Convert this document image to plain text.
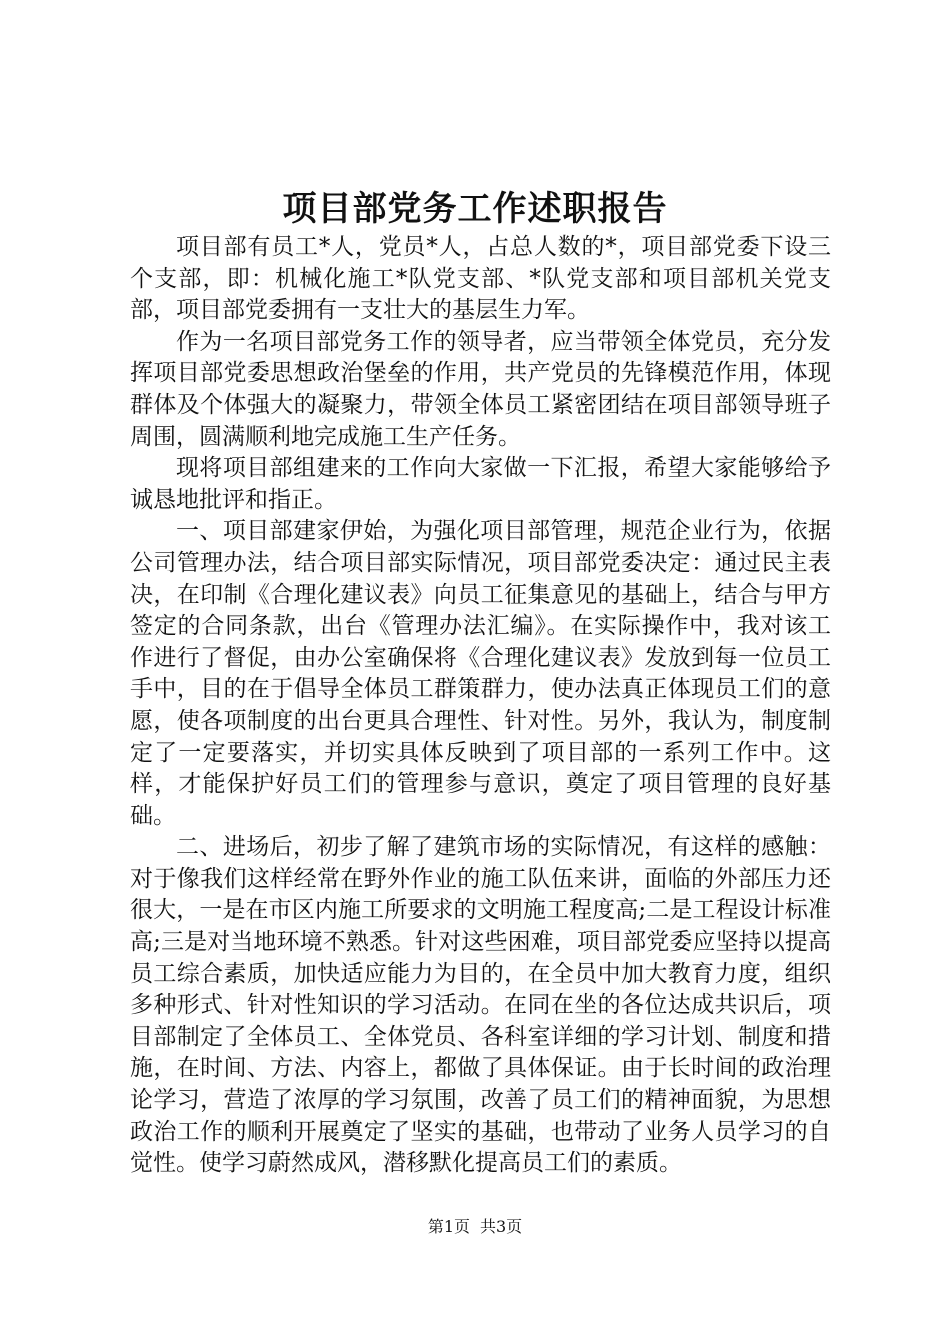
项目部党务工作述职报告

项目部有员工*人，党员*人，占总人数的*，项目部党委下设三个支部，即：机械化施工*队党支部、*队党支部和项目部机关党支部，项目部党委拥有一支壮大的基层生力军。

作为一名项目部党务工作的领导者，应当带领全体党员，充分发挥项目部党委思想政治堡垒的作用，共产党员的先锋模范作用，体现群体及个体强大的凝聚力，带领全体员工紧密团结在项目部领导班子周围，圆满顺利地完成施工生产任务。

现将项目部组建来的工作向大家做一下汇报，希望大家能够给予诚恳地批评和指正。

一、项目部建家伊始，为强化项目部管理，规范企业行为，依据公司管理办法，结合项目部实际情况，项目部党委决定：通过民主表决，在印制《合理化建议表》向员工征集意见的基础上，结合与甲方签定的合同条款，出台《管理办法汇编》。在实际操作中，我对该工作进行了督促，由办公室确保将《合理化建议表》发放到每一位员工手中，目的在于倡导全体员工群策群力，使办法真正体现员工们的意愿，使各项制度的出台更具合理性、针对性。另外，我认为，制度制定了一定要落实，并切实具体反映到了项目部的一系列工作中。这样，才能保护好员工们的管理参与意识，奠定了项目管理的良好基础。

二、进场后，初步了解了建筑市场的实际情况，有这样的感触：对于像我们这样经常在野外作业的施工队伍来讲，面临的外部压力还很大，一是在市区内施工所要求的文明施工程度高;二是工程设计标准高;三是对当地环境不熟悉。针对这些困难，项目部党委应坚持以提高员工综合素质，加快适应能力为目的，在全员中加大教育力度，组织多种形式、针对性知识的学习活动。在同在坐的各位达成共识后，项目部制定了全体员工、全体党员、各科室详细的学习计划、制度和措施，在时间、方法、内容上，都做了具体保证。由于长时间的政治理论学习，营造了浓厚的学习氛围，改善了员工们的精神面貌，为思想政治工作的顺利开展奠定了坚实的基础，也带动了业务人员学习的自觉性。使学习蔚然成风，潜移默化提高员工们的素质。

第1页 共3页
